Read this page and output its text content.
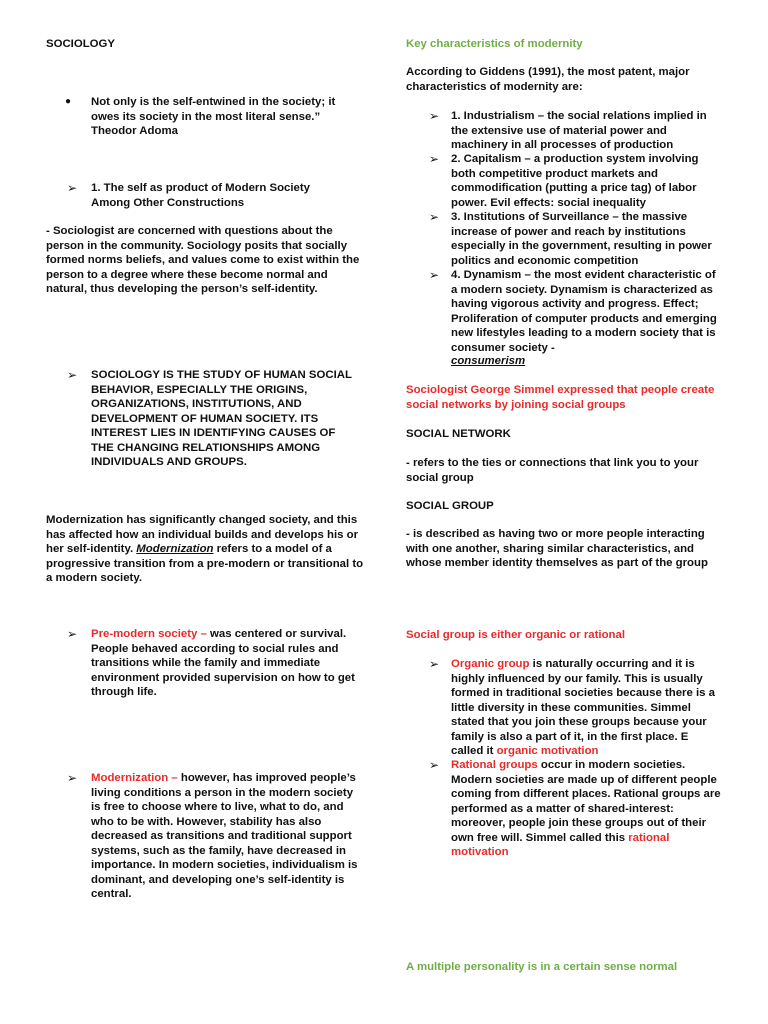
SOCIOLOGY
● Not only is the self-entwined in the society; it owes its society in the most literal sense.” Theodor Adoma

➢ 1. The self as product of Modern Society Among Other Constructions

- Sociologist are concerned with questions about the person in the community. Sociology posits that socially formed norms beliefs, and values come to exist within the person to a degree where these become normal and natural, thus developing the person’s self-identity.

➢ SOCIOLOGY IS THE STUDY OF HUMAN SOCIAL BEHAVIOR, ESPECIALLY THE ORIGINS, ORGANIZATIONS, INSTITUTIONS, AND DEVELOPMENT OF HUMAN SOCIETY. ITS INTEREST LIES IN IDENTIFYING CAUSES OF THE CHANGING RELATIONSHIPS AMONG INDIVIDUALS AND GROUPS.

Modernization has significantly changed society, and this has affected how an individual builds and develops his or her self-identity. Modernization refers to a model of a progressive transition from a pre-modern or transitional to a modern society.

➢ Pre-modern society – was centered or survival. People behaved according to social rules and transitions while the family and immediate environment provided supervision on how to get through life.

➢ Modernization – however, has improved people’s living conditions a person in the modern society is free to choose where to live, what to do, and who to be with. However, stability has also decreased as transitions and traditional support systems, such as the family, have decreased in importance. In modern societies, individualism is dominant, and developing one’s self-identity is central.

Key characteristics of modernity

According to Giddens (1991), the most patent, major characteristics of modernity are:

➢ 1. Industrialism – the social relations implied in the extensive use of material power and machinery in all processes of production

➢ 2. Capitalism – a production system involving both competitive product markets and commodification (putting a price tag) of labor power. Evil effects: social inequality

➢ 3. Institutions of Surveillance – the massive increase of power and reach by institutions especially in the government, resulting in power politics and economic competition

➢ 4. Dynamism – the most evident characteristic of a modern society. Dynamism is characterized as having vigorous activity and progress. Effect; Proliferation of computer products and emerging new lifestyles leading to a modern society that is consumer society -

consumerism

Sociologist George Simmel expressed that people create social networks by joining social groups

SOCIAL NETWORK

- refers to the ties or connections that link you to your social group

SOCIAL GROUP

- is described as having two or more people interacting with one another, sharing similar characteristics, and whose member identity themselves as part of the group

Social group is either organic or rational
➢ Organic group is naturally occurring and it is highly influenced by our family. This is usually formed in traditional societies because there is a little diversity in these communities. Simmel stated that you join these groups because your family is also a part of it, in the first place. E called it organic motivation

➢ Rational groups occur in modern societies. Modern societies are made up of different people coming from different places. Rational groups are performed as a matter of shared-interest: moreover, people join these groups out of their own free will. Simmel called this rational motivation

A multiple personality is in a certain sense normal
